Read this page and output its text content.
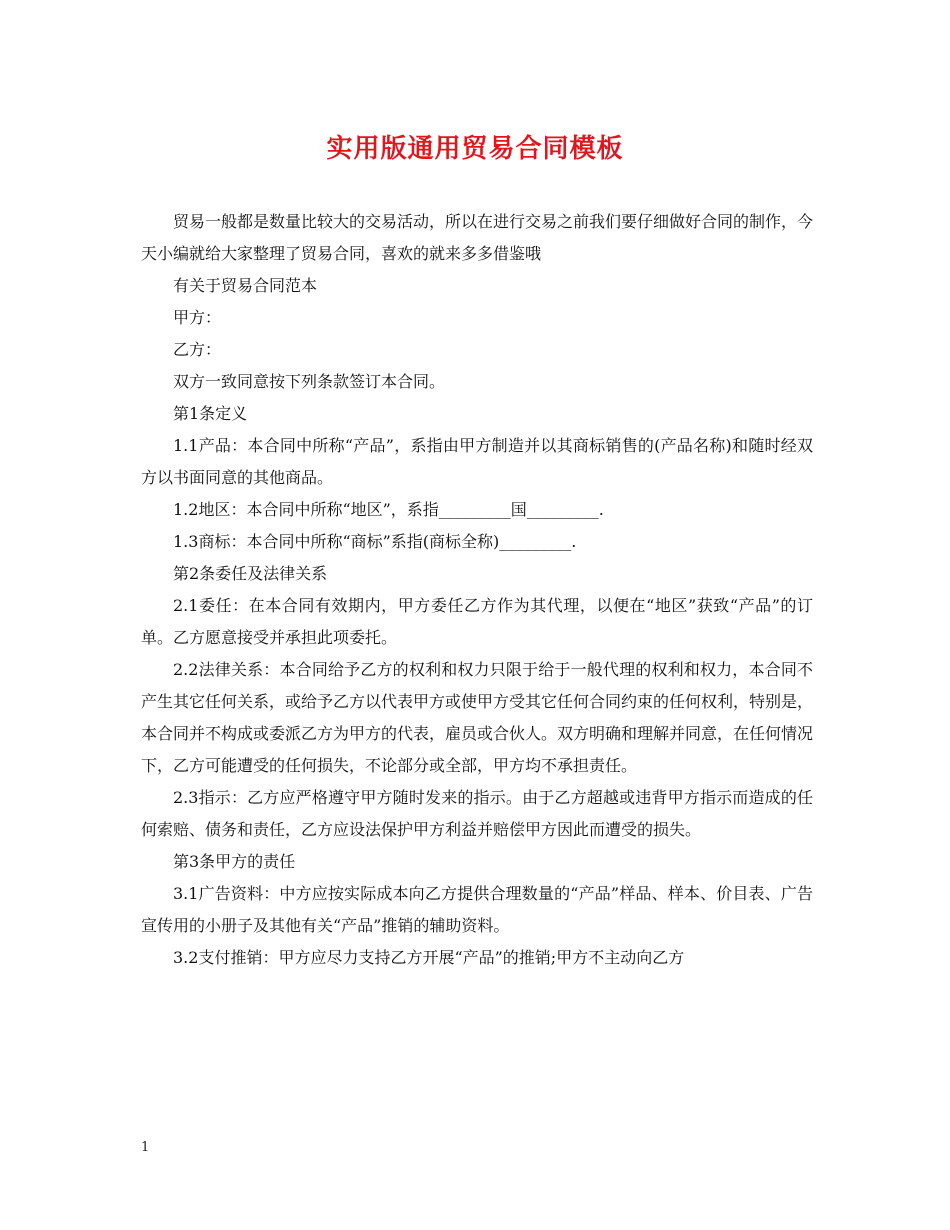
实用版通用贸易合同模板

贸易一般都是数量比较大的交易活动，所以在进行交易之前我们要仔细做好合同的制作，今天小编就给大家整理了贸易合同，喜欢的就来多多借鉴哦

有关于贸易合同范本

甲方：

乙方：

双方一致同意按下列条款签订本合同。

第1条定义

1.1产品：本合同中所称“产品”，系指由甲方制造并以其商标销售的(产品名称)和随时经双方以书面同意的其他商品。

1.2地区：本合同中所称“地区”，系指_________国_________.

1.3商标：本合同中所称“商标”系指(商标全称)_________.

第2条委任及法律关系

2.1委任：在本合同有效期内，甲方委任乙方作为其代理，以便在“地区”获致“产品”的订单。乙方愿意接受并承担此项委托。

2.2法律关系：本合同给予乙方的权利和权力只限于给于一般代理的权利和权力，本合同不产生其它任何关系，或给予乙方以代表甲方或使甲方受其它任何合同约束的任何权利，特别是，本合同并不构成或委派乙方为甲方的代表，雇员或合伙人。双方明确和理解并同意，在任何情况下，乙方可能遭受的任何损失，不论部分或全部，甲方均不承担责任。

2.3指示：乙方应严格遵守甲方随时发来的指示。由于乙方超越或违背甲方指示而造成的任何索赔、债务和责任，乙方应设法保护甲方利益并赔偿甲方因此而遭受的损失。

第3条甲方的责任

3.1广告资料：中方应按实际成本向乙方提供合理数量的“产品”样品、样本、价目表、广告宣传用的小册子及其他有关“产品”推销的辅助资料。

3.2支付推销：甲方应尽力支持乙方开展“产品”的推销;甲方不主动向乙方

1
